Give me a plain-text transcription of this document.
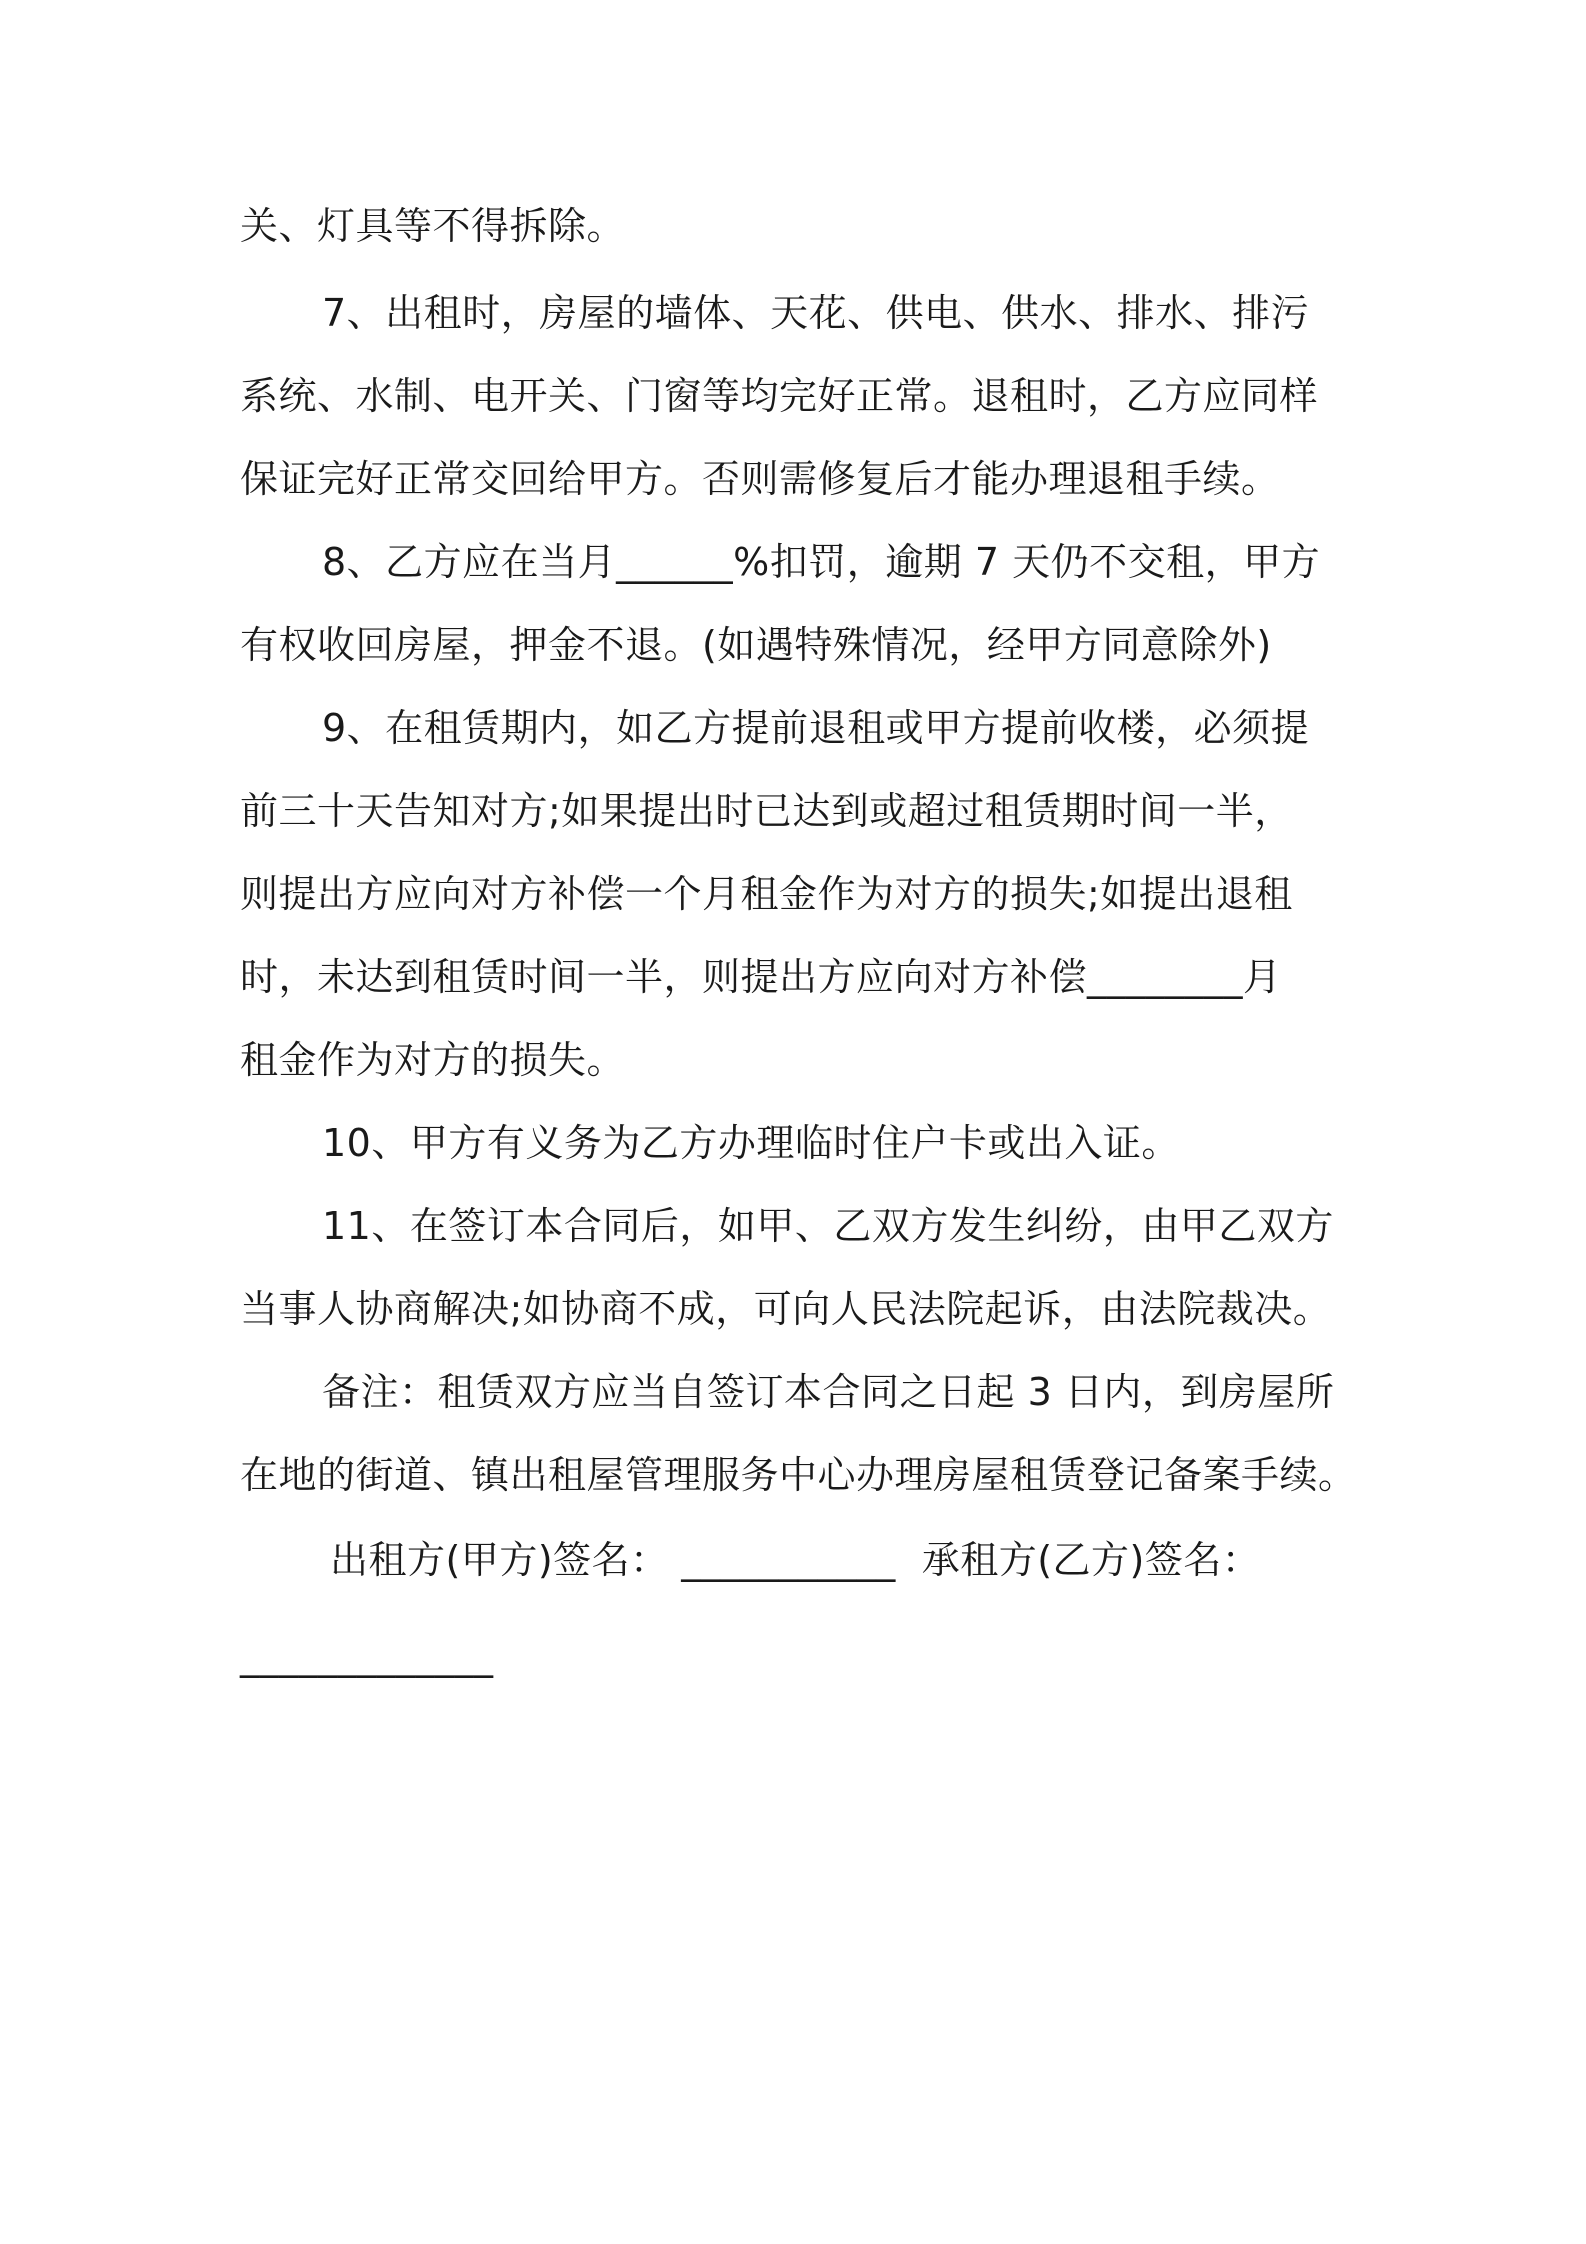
关、灯具等不得拆除。
7、出租时，房屋的墙体、天花、供电、供水、排水、排污
系统、水制、电开关、门窗等均完好正常。退租时，乙方应同样
保证完好正常交回给甲方。否则需修复后才能办理退租手续。
8、乙方应在当月______%扣罚，逾期 7 天仍不交租，甲方
有权收回房屋，押金不退。(如遇特殊情况，经甲方同意除外)
9、在租赁期内，如乙方提前退租或甲方提前收楼，必须提
前三十天告知对方;如果提出时已达到或超过租赁期时间一半，
则提出方应向对方补偿一个月租金作为对方的损失;如提出退租
时，未达到租赁时间一半，则提出方应向对方补偿________月
租金作为对方的损失。
10、甲方有义务为乙方办理临时住户卡或出入证。
11、在签订本合同后，如甲、乙双方发生纠纷，由甲乙双方
当事人协商解决;如协商不成，可向人民法院起诉，由法院裁决。
备注：租赁双方应当自签订本合同之日起 3 日内，到房屋所
在地的街道、镇出租屋管理服务中心办理房屋租赁登记备案手续。
出租方(甲方)签名： ___________ 承租方(乙方)签名：
_____________
